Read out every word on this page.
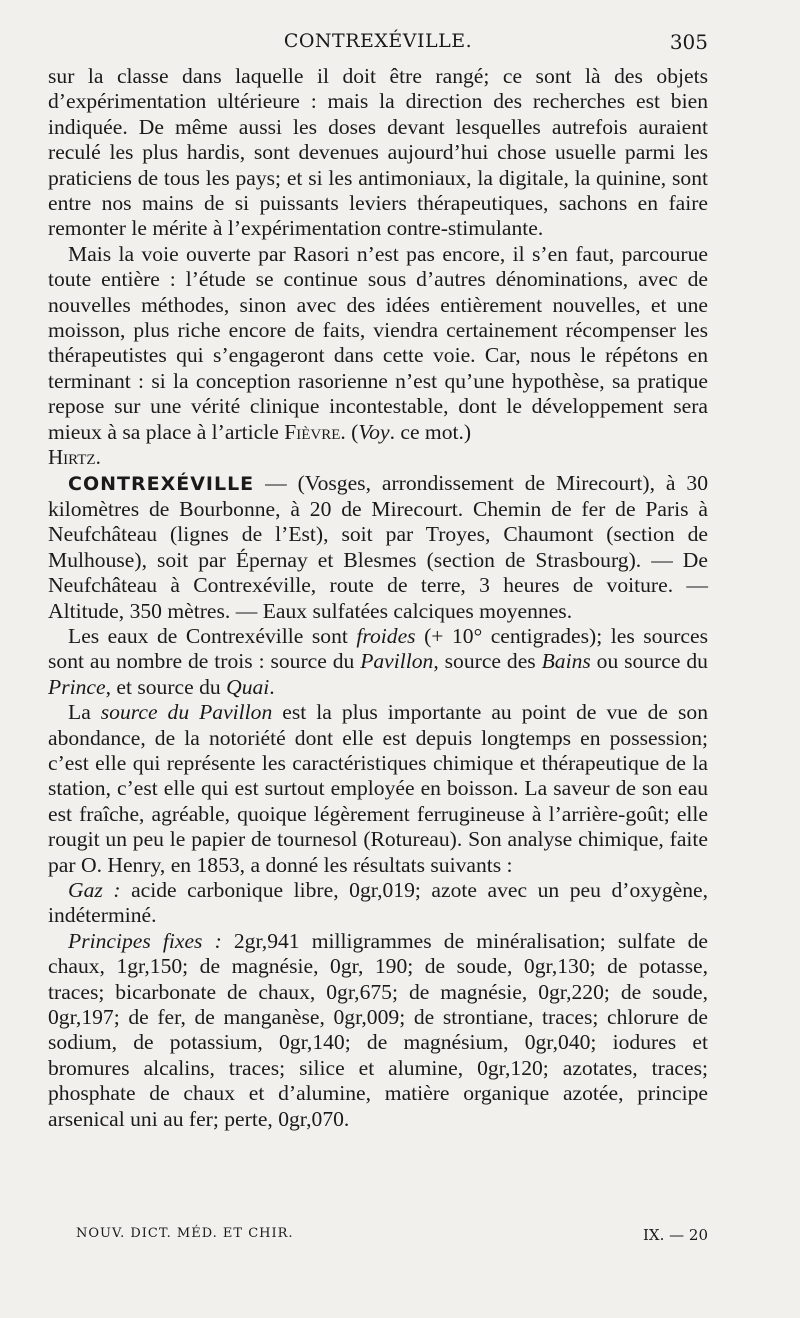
CONTREXÉVILLE.	305

sur la classe dans laquelle il doit être rangé; ce sont là des objets d’expérimentation ultérieure : mais la direction des recherches est bien indiquée. De même aussi les doses devant lesquelles autrefois auraient reculé les plus hardis, sont devenues aujourd’hui chose usuelle parmi les praticiens de tous les pays; et si les antimoniaux, la digitale, la quinine, sont entre nos mains de si puissants leviers thérapeutiques, sachons en faire remonter le mérite à l’expérimentation contre-stimulante.

Mais la voie ouverte par Rasori n’est pas encore, il s’en faut, parcourue toute entière : l’étude se continue sous d’autres dénominations, avec de nouvelles méthodes, sinon avec des idées entièrement nouvelles, et une moisson, plus riche encore de faits, viendra certainement récompenser les thérapeutistes qui s’engageront dans cette voie. Car, nous le répétons en terminant : si la conception rasorienne n’est qu’une hypothèse, sa pratique repose sur une vérité clinique incontestable, dont le développement sera mieux à sa place à l’article Fièvre. (Voy. ce mot.)

Hirtz.

CONTREXÉVILLE — (Vosges, arrondissement de Mirecourt), à 30 kilomètres de Bourbonne, à 20 de Mirecourt. Chemin de fer de Paris à Neufchâteau (lignes de l’Est), soit par Troyes, Chaumont (section de Mulhouse), soit par Épernay et Blesmes (section de Strasbourg). — De Neufchâteau à Contrexéville, route de terre, 3 heures de voiture. — Altitude, 350 mètres. — Eaux sulfatées calciques moyennes.

Les eaux de Contrexéville sont froides (+ 10° centigrades); les sources sont au nombre de trois : source du Pavillon, source des Bains ou source du Prince, et source du Quai.

La source du Pavillon est la plus importante au point de vue de son abondance, de la notoriété dont elle est depuis longtemps en possession; c’est elle qui représente les caractéristiques chimique et thérapeutique de la station, c’est elle qui est surtout employée en boisson. La saveur de son eau est fraîche, agréable, quoique légèrement ferrugineuse à l’arrière-goût; elle rougit un peu le papier de tournesol (Rotureau). Son analyse chimique, faite par O. Henry, en 1853, a donné les résultats suivants :

Gaz : acide carbonique libre, 0gr,019; azote avec un peu d’oxygène, indéterminé.

Principes fixes : 2gr,941 milligrammes de minéralisation; sulfate de chaux, 1gr,150; de magnésie, 0gr, 190; de soude, 0gr,130; de potasse, traces; bicarbonate de chaux, 0gr,675; de magnésie, 0gr,220; de soude, 0gr,197; de fer, de manganèse, 0gr,009; de strontiane, traces; chlorure de sodium, de potassium, 0gr,140; de magnésium, 0gr,040; iodures et bromures alcalins, traces; silice et alumine, 0gr,120; azotates, traces; phosphate de chaux et d’alumine, matière organique azotée, principe arsenical uni au fer; perte, 0gr,070.

NOUV. DICT. MÉD. ET CHIR.	IX. — 20
